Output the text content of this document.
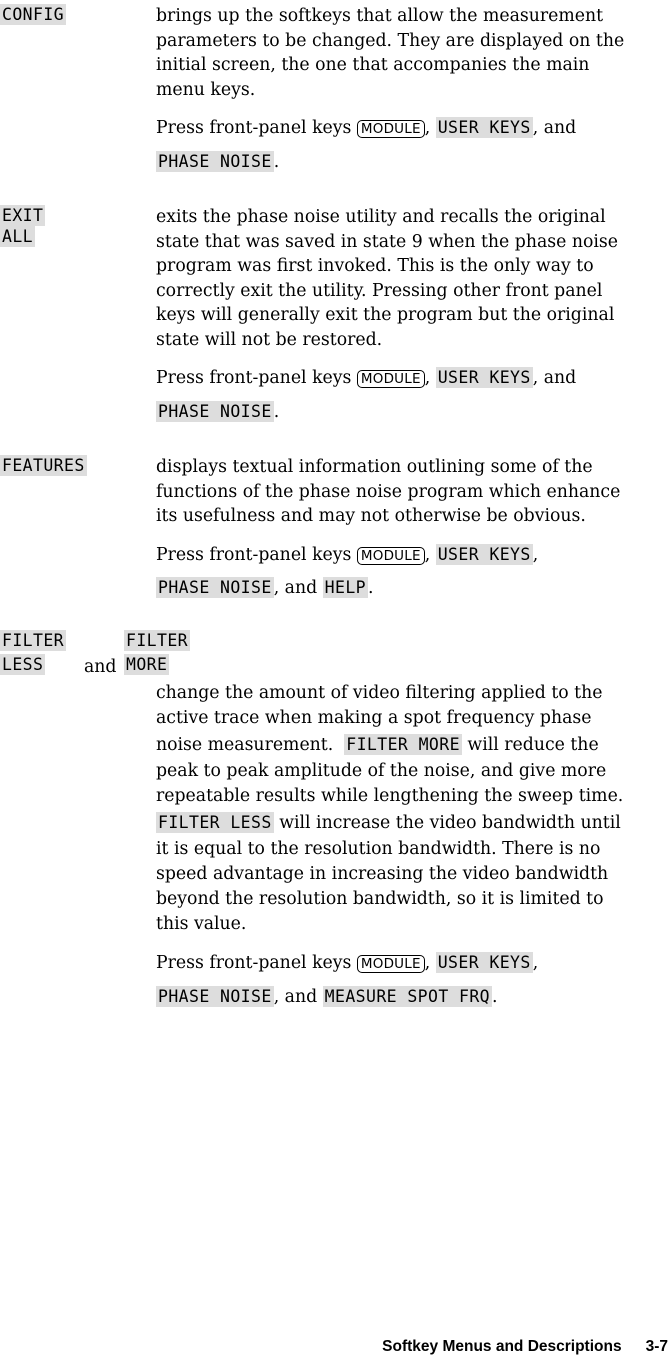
CONFIG	brings up the softkeys that allow the measurement

parameters to be changed. They are displayed on the

initial screen, the one that accompanies the main

menu keys.

Press front-panel keys MODULE , USER KEYS , and
PHASE NOISE .

EXIT
ALL

exits the phase noise utility and recalls the original

state that was saved in state 9 when the phase noise

program was first invoked. This is the only way to

correctly exit the utility. Pressing other front panel

keys will generally exit the program but the original

state will not be restored.

Press front-panel keys MODULE , USER KEYS , and
PHASE NOISE .

FEATURES	displays textual information outlining some of the

functions of the phase noise program which enhance

its usefulness and may not otherwise be obvious.

Press front-panel keys MODULE , USER KEYS ,
PHASE NOISE , and HELP .

FILTER
LESS	and
FILTER
MORE

change the amount of video filtering applied to the

active trace when making a spot frequency phase

noise measurement. FILTER MORE will reduce the

peak to peak amplitude of the noise, and give more

repeatable results while lengthening the sweep time.

FILTER LESS will increase the video bandwidth until

it is equal to the resolution bandwidth. There is no

speed advantage in increasing the video bandwidth

beyond the resolution bandwidth, so it is limited to

this value.

Press front-panel keys MODULE , USER KEYS ,
PHASE NOISE , and MEASURE SPOT FRQ .

Softkey Menus and Descriptions 3-7
